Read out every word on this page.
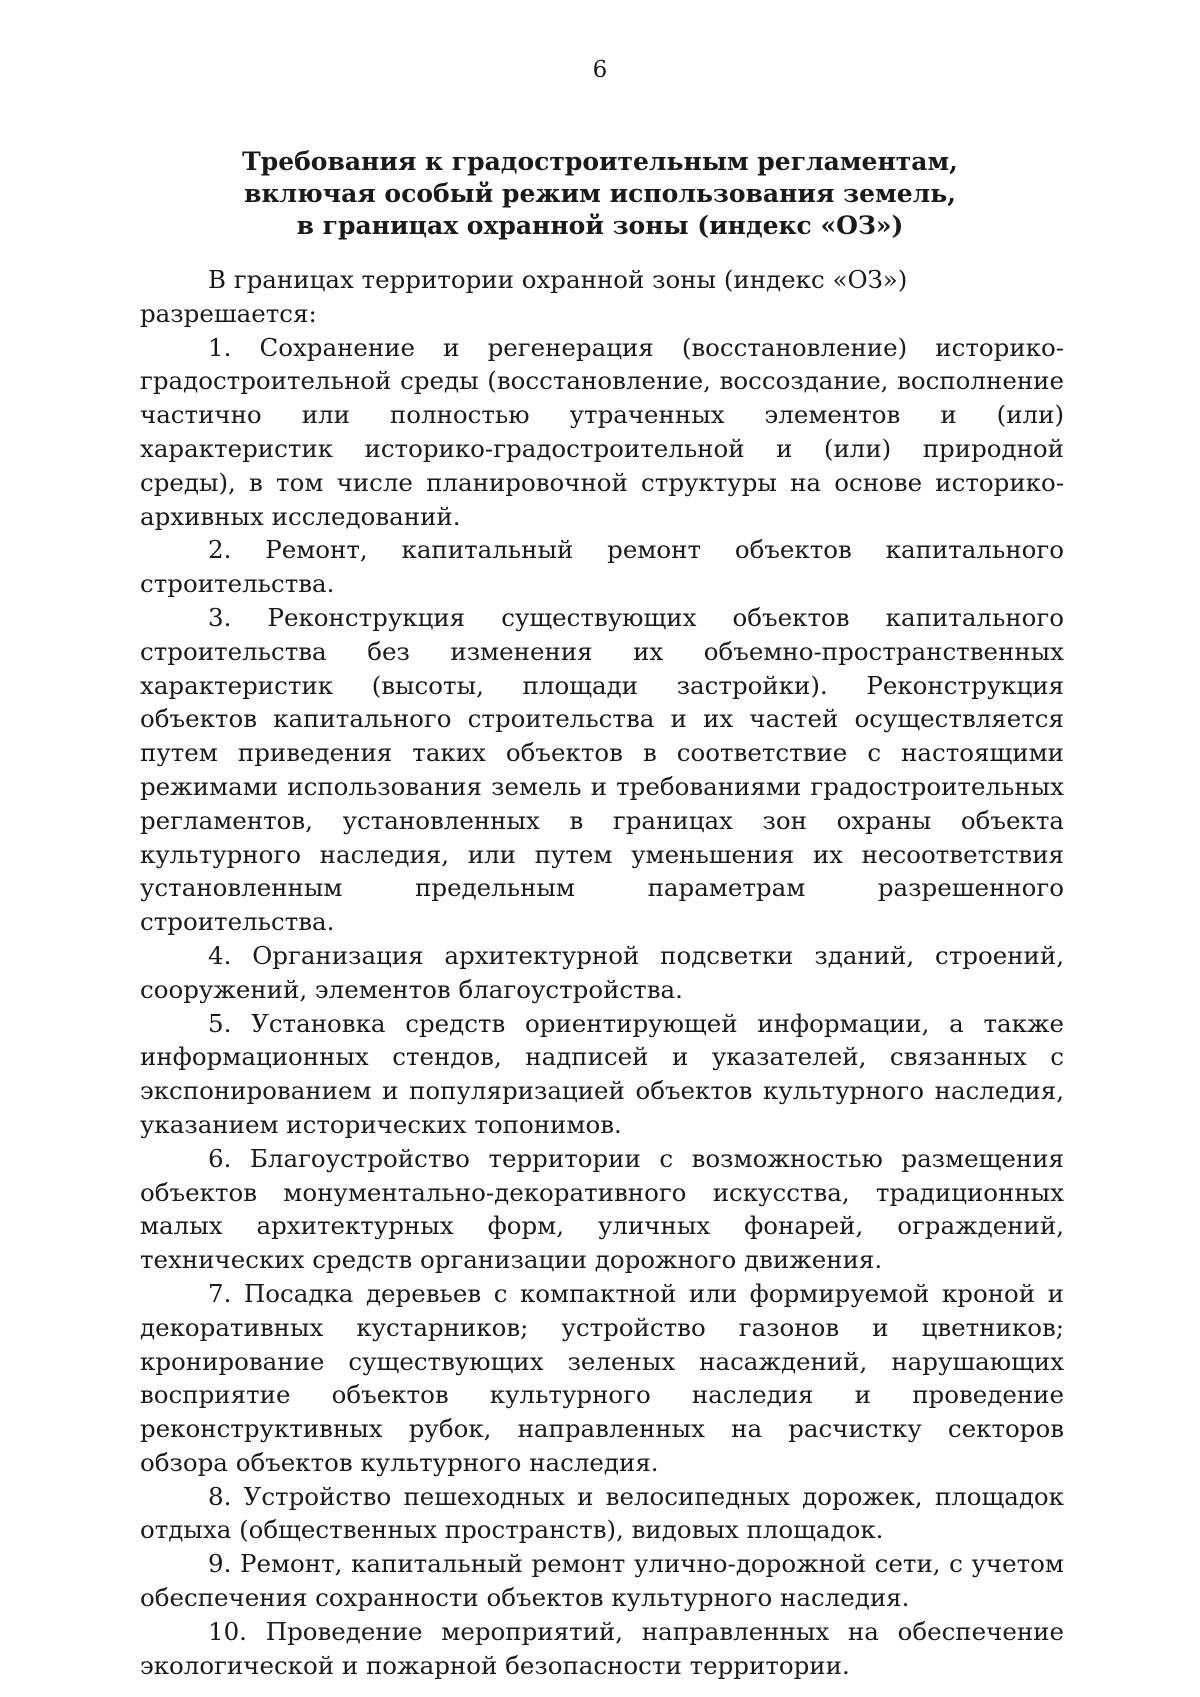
6
Требования к градостроительным регламентам,
включая особый режим использования земель,
в границах охранной зоны (индекс «ОЗ»)

В границах территории охранной зоны (индекс «ОЗ») разрешается:

1. Сохранение и регенерация (восстановление) историко-градостроительной среды (восстановление, воссоздание, восполнение частично или полностью утраченных элементов и (или) характеристик историко-градостроительной и (или) природной среды), в том числе планировочной структуры на основе историко-архивных исследований.

2. Ремонт, капитальный ремонт объектов капитального строительства.

3. Реконструкция существующих объектов капитального строительства без изменения их объемно-пространственных характеристик (высоты, площади застройки). Реконструкция объектов капитального строительства и их частей осуществляется путем приведения таких объектов в соответствие с настоящими режимами использования земель и требованиями градостроительных регламентов, установленных в границах зон охраны объекта культурного наследия, или путем уменьшения их несоответствия установленным предельным параметрам разрешенного строительства.

4. Организация архитектурной подсветки зданий, строений, сооружений, элементов благоустройства.

5. Установка средств ориентирующей информации, а также информационных стендов, надписей и указателей, связанных с экспонированием и популяризацией объектов культурного наследия, указанием исторических топонимов.

6. Благоустройство территории с возможностью размещения объектов монументально-декоративного искусства, традиционных малых архитектурных форм, уличных фонарей, ограждений, технических средств организации дорожного движения.

7. Посадка деревьев с компактной или формируемой кроной и декоративных кустарников; устройство газонов и цветников; кронирование существующих зеленых насаждений, нарушающих восприятие объектов культурного наследия и проведение реконструктивных рубок, направленных на расчистку секторов обзора объектов культурного наследия.

8. Устройство пешеходных и велосипедных дорожек, площадок отдыха (общественных пространств), видовых площадок.

9. Ремонт, капитальный ремонт улично-дорожной сети, с учетом обеспечения сохранности объектов культурного наследия.

10. Проведение мероприятий, направленных на обеспечение экологической и пожарной безопасности территории.
